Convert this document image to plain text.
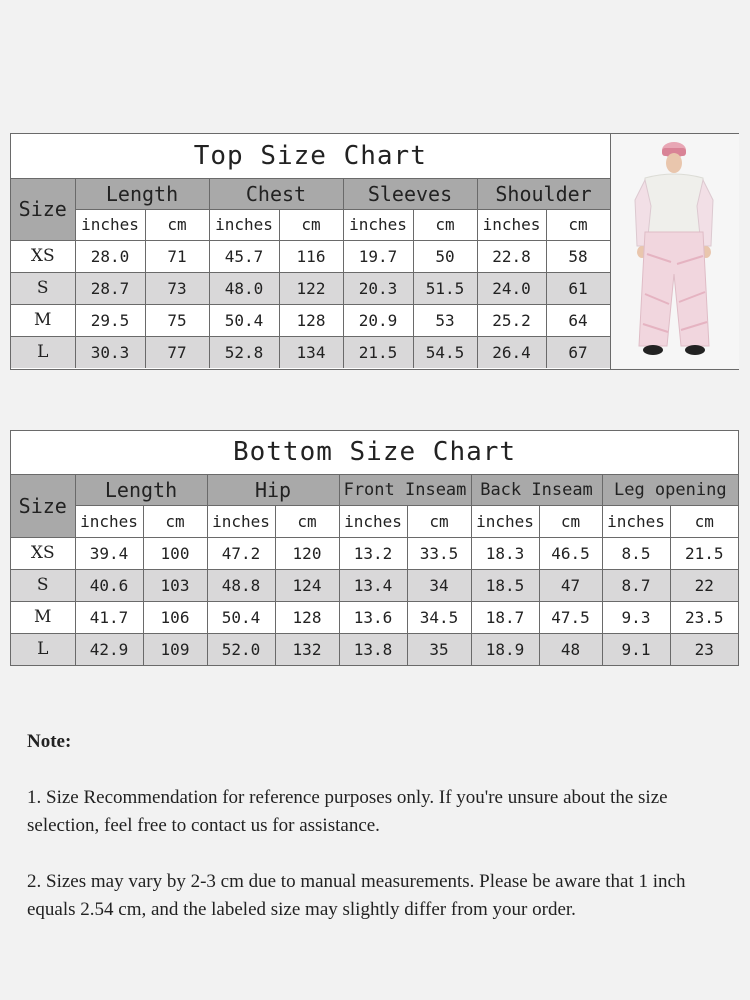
Top Size Chart								
Size	Length		Chest		Sleeves		Shoulder	
	inches	cm	inches	cm	inches	cm	inches	cm
XS	28.0	71	45.7	116	19.7	50	22.8	58
S	28.7	73	48.0	122	20.3	51.5	24.0	61
M	29.5	75	50.4	128	20.9	53	25.2	64
L	30.3	77	52.8	134	21.5	54.5	26.4	67
Bottom Size Chart										
Size	Length		Hip		Front Inseam		Back Inseam		Leg opening	
	inches	cm	inches	cm	inches	cm	inches	cm	inches	cm
XS	39.4	100	47.2	120	13.2	33.5	18.3	46.5	8.5	21.5
S	40.6	103	48.8	124	13.4	34	18.5	47	8.7	22
M	41.7	106	50.4	128	13.6	34.5	18.7	47.5	9.3	23.5
L	42.9	109	52.0	132	13.8	35	18.9	48	9.1	23
Note:

1. Size Recommendation for reference purposes only. If you're unsure about the size selection, feel free to contact us for assistance.

2. Sizes may vary by 2-3 cm due to manual measurements. Please be aware that 1 inch equals 2.54 cm, and the labeled size may slightly differ from your order.
